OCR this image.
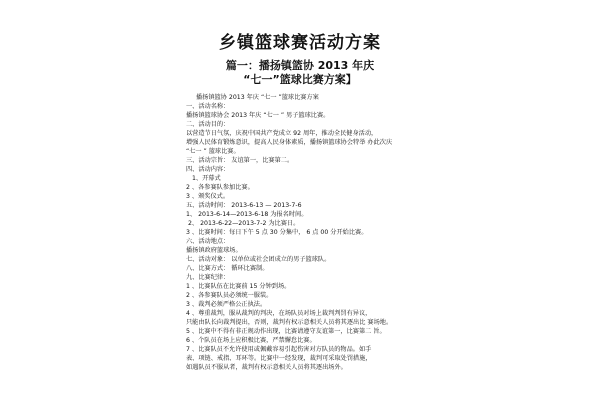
乡镇篮球赛活动方案
篇一：播扬镇篮协 2013 年庆
“七一”篮球比赛方案】
播扬镇篮协 2013 年庆 “七一 ”篮球比赛方案
一、活动名称：
播扬镇篮球协会 2013 年庆 “七一 ” 男子篮球比赛。
二、活动目的：
以营造节日气氛，庆祝中国共产党成立 92 周年，推动全民健身活动，
增强人民体育锻炼意识，提高人民身体素质，播扬镇篮球协会特举 办此次庆
“七一 ” 篮球比赛。
三、活动宗旨： 友谊第一，比赛第二。
四、活动内容：
1、开幕式
2 、各参赛队参加比赛。
3 、颁奖仪式。
五、活动时间： 2013-6-13 — 2013-7-6
1、 2013-6-14—2013-6-18 为报名时间。
2、 2013-6-22—2013-7-2 为比赛日。
3 、比赛时间：每日下午 5 点 30 分集中， 6 点 00 分开始比赛。
六、活动地点：
播扬镇政府篮球场。
七、活动对象： 以单位或社会团成立的男子篮球队。
八、比赛方式： 循环比赛制。
九、比赛纪律：
1 、比赛队伍在比赛前 15 分钟到场。
2 、各参赛队员必须统一服装。
3 、裁判必须严格公正执法。
4 、尊重裁判，服从裁判的判决，在场队员对场上裁判判罚有异议，
只能由队长向裁判提出，否则，裁判有权示意相关人员将其逐出比 赛场地。
5 、比赛中不得有非正规动作出现，比赛请遵守友谊第一，比赛第二 旨。
6 、个队员在场上应积极比赛，严禁懈怠比赛。
7 、比赛队员不允许使用或佩戴容易引起伤害对方队员的物品。如手
表、项链、戒指、耳环等。比赛中一经发现，裁判可采取处罚措施，
如遇队员不服从者，裁判有权示意相关人员将其逐出场外。
